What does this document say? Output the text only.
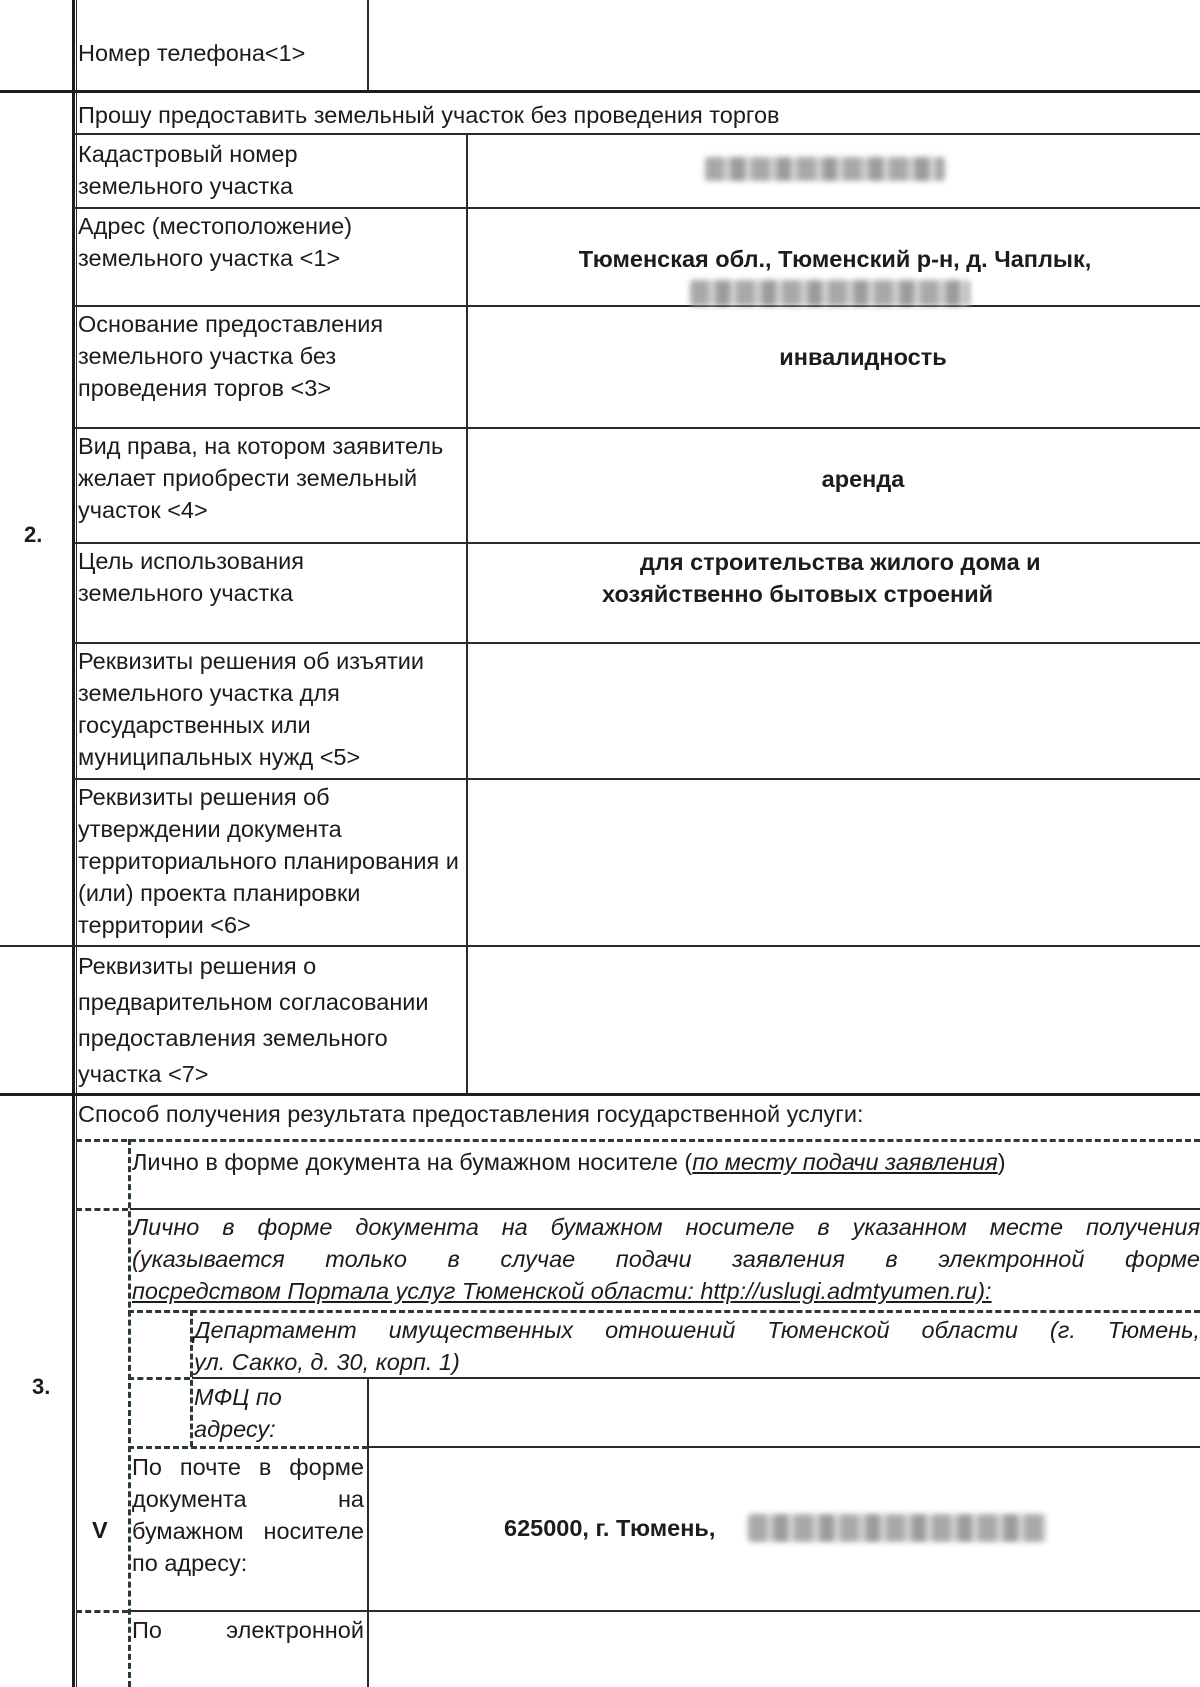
Номер телефона<1>
2.
Прошу предоставить земельный участок без проведения торгов
Кадастровый номер земельного участка
Адрес (местоположение) земельного участка <1>	Тюменская обл., Тюменский р-н, д. Чаплык,
Основание предоставления земельного участка без проведения торгов <3>
инвалидность
Вид права, на котором заявитель желает приобрести земельный участок <4>
аренда
Цель использования земельного участка
для строительства жилого дома и
хозяйственно бытовых строений
Реквизиты решения об изъятии земельного участка для государственных или муниципальных нужд <5>
Реквизиты решения об утверждении документа территориального планирования и (или) проекта планировки территории <6>
Реквизиты решения о предварительном согласовании предоставления земельного участка <7>
3.
Способ получения результата предоставления государственной услуги:
Лично в форме документа на бумажном носителе (по месту подачи заявления)
Лично в форме документа на бумажном носителе в указанном месте получения
(указывается только в случае подачи заявления в электронной форме
посредством Портала услуг Тюменской области: http://uslugi.admtyumen.ru):
Департамент имущественных отношений Тюменской области (г. Тюмень,
ул. Сакко, д. 30, корп. 1)
МФЦ по адресу:
V
По почте в форме документа на бумажном носителе по адресу:
625000, г. Тюмень,
По электронной
